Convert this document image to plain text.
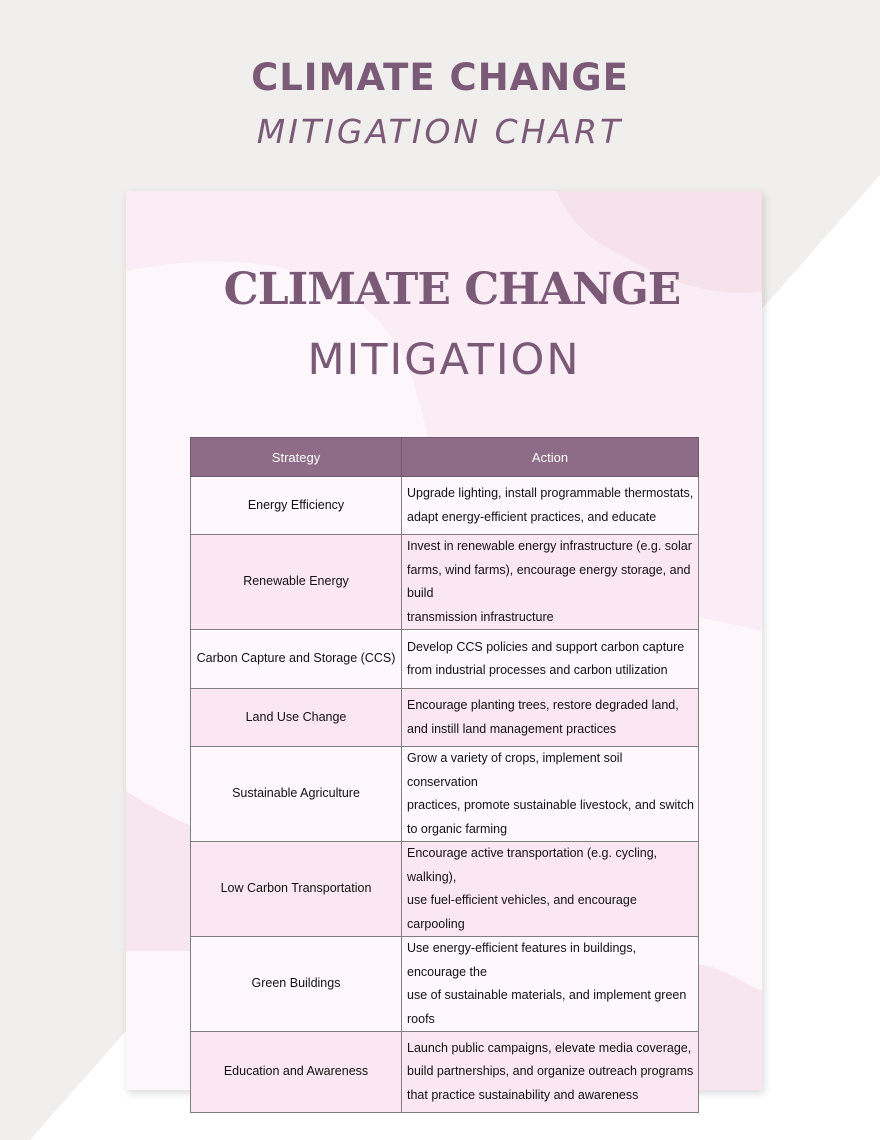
CLIMATE CHANGE
MITIGATION CHART
CLIMATE CHANGE
MITIGATION
Strategy	Action
Energy Efficiency	Upgrade lighting, install programmable thermostats,
adapt energy-efficient practices, and educate
Renewable Energy	Invest in renewable energy infrastructure (e.g. solar
farms, wind farms), encourage energy storage, and build
transmission infrastructure
Carbon Capture and Storage (CCS)	Develop CCS policies and support carbon capture
from industrial processes and carbon utilization
Land Use Change	Encourage planting trees, restore degraded land,
and instill land management practices
Sustainable Agriculture	Grow a variety of crops, implement soil conservation
practices, promote sustainable livestock, and switch
to organic farming
Low Carbon Transportation	Encourage active transportation (e.g. cycling, walking),
use fuel-efficient vehicles, and encourage carpooling
Green Buildings	Use energy-efficient features in buildings, encourage the
use of sustainable materials, and implement green roofs
Education and Awareness	Launch public campaigns, elevate media coverage,
build partnerships, and organize outreach programs
that practice sustainability and awareness
